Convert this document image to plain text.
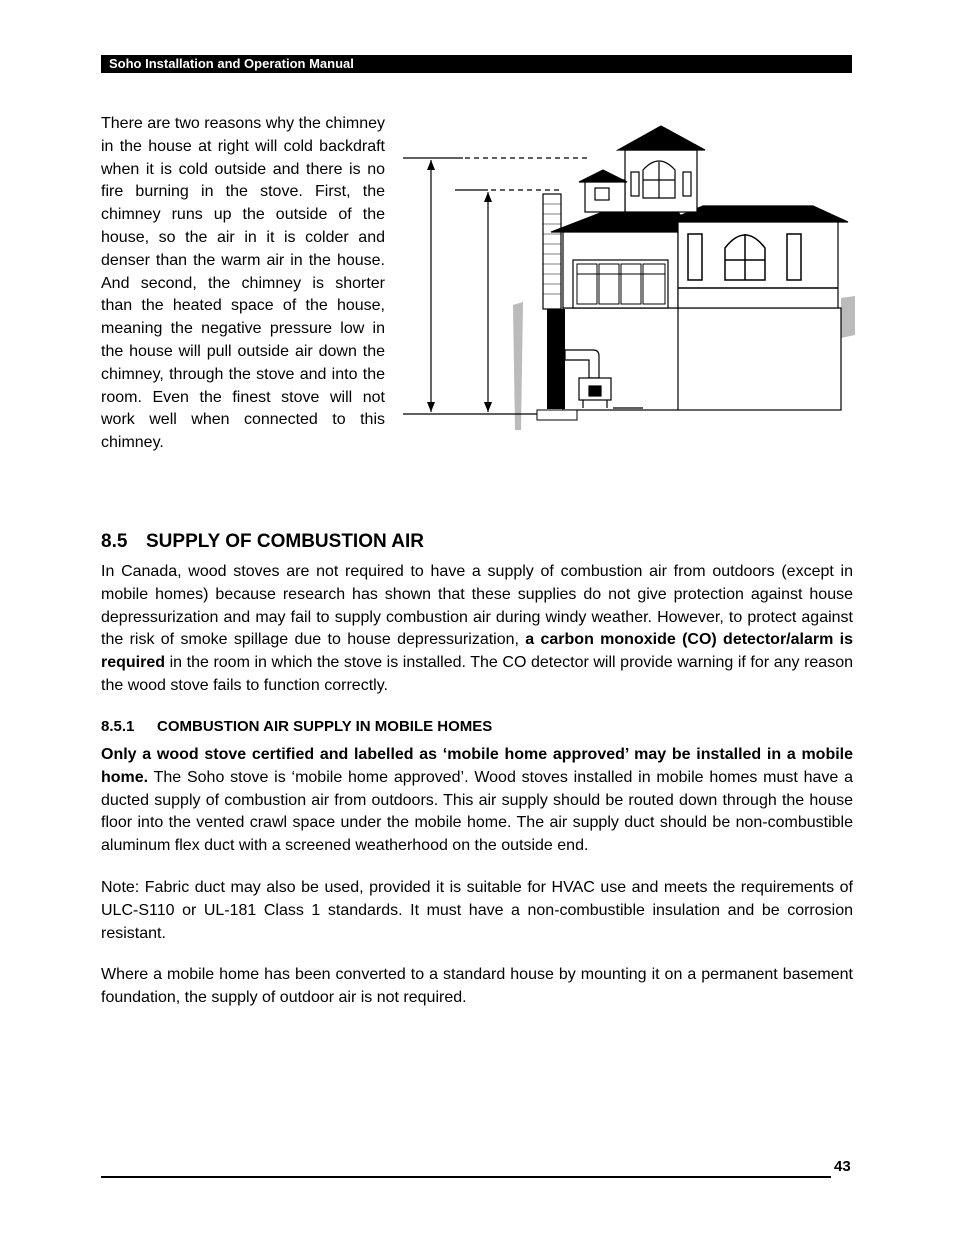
Soho Installation and Operation Manual
There are two reasons why the chimney in the house at right will cold backdraft when it is cold outside and there is no fire burning in the stove. First, the chimney runs up the outside of the house, so the air in it is colder and denser than the warm air in the house. And second, the chimney is shorter than the heated space of the house, meaning the negative pressure low in the house will pull outside air down the chimney, through the stove and into the room. Even the finest stove will not work well when connected to this chimney.
8.5 SUPPLY OF COMBUSTION AIR

In Canada, wood stoves are not required to have a supply of combustion air from outdoors (except in mobile homes) because research has shown that these supplies do not give protection against house depressurization and may fail to supply combustion air during windy weather. However, to protect against the risk of smoke spillage due to house depressurization, a carbon monoxide (CO) detector/alarm is required in the room in which the stove is installed. The CO detector will provide warning if for any reason the wood stove fails to function correctly.

8.5.1 COMBUSTION AIR SUPPLY IN MOBILE HOMES

Only a wood stove certified and labelled as ‘mobile home approved’ may be installed in a mobile home. The Soho stove is ‘mobile home approved’. Wood stoves installed in mobile homes must have a ducted supply of combustion air from outdoors. This air supply should be routed down through the house floor into the vented crawl space under the mobile home. The air supply duct should be non-combustible aluminum flex duct with a screened weatherhood on the outside end.

Note: Fabric duct may also be used, provided it is suitable for HVAC use and meets the requirements of ULC-S110 or UL-181 Class 1 standards. It must have a non-combustible insulation and be corrosion resistant.

Where a mobile home has been converted to a standard house by mounting it on a permanent basement foundation, the supply of outdoor air is not required.

43
